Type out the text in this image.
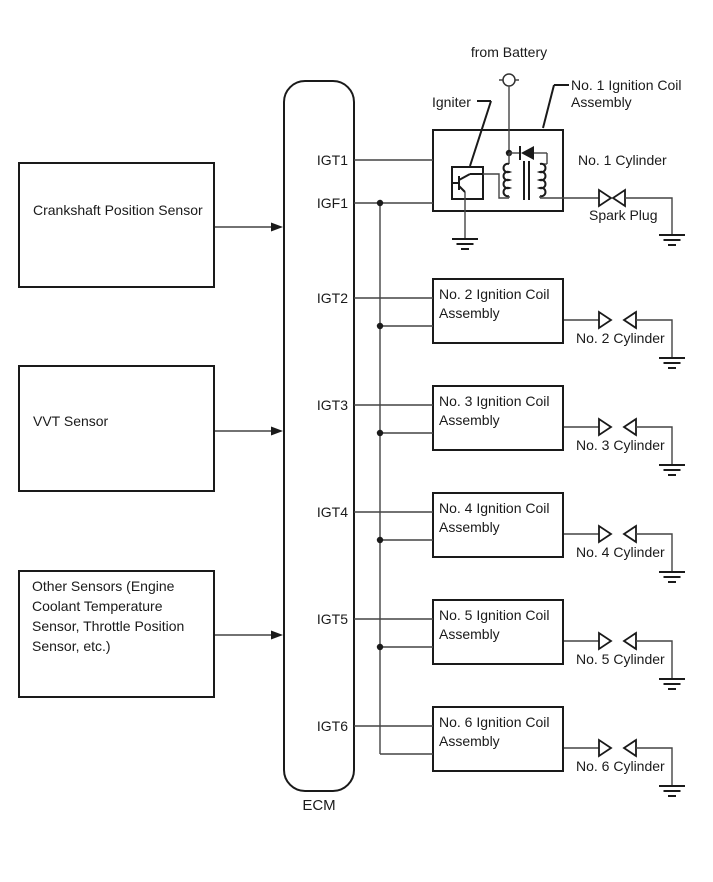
Crankshaft Position Sensor
VVT Sensor
Other Sensors (Engine Coolant Temperature Sensor, Throttle Position Sensor, etc.)
No. 2 Ignition Coil Assembly
No. 3 Ignition Coil Assembly
No. 4 Ignition Coil Assembly
No. 5 Ignition Coil Assembly
No. 6 Ignition Coil Assembly
from Battery
Igniter
No. 1 Ignition Coil Assembly
No. 1 Cylinder
Spark Plug
IGT1
IGF1
IGT2
IGT3
IGT4
IGT5
IGT6
ECM
No. 2 Cylinder
No. 3 Cylinder
No. 4 Cylinder
No. 5 Cylinder
No. 6 Cylinder
